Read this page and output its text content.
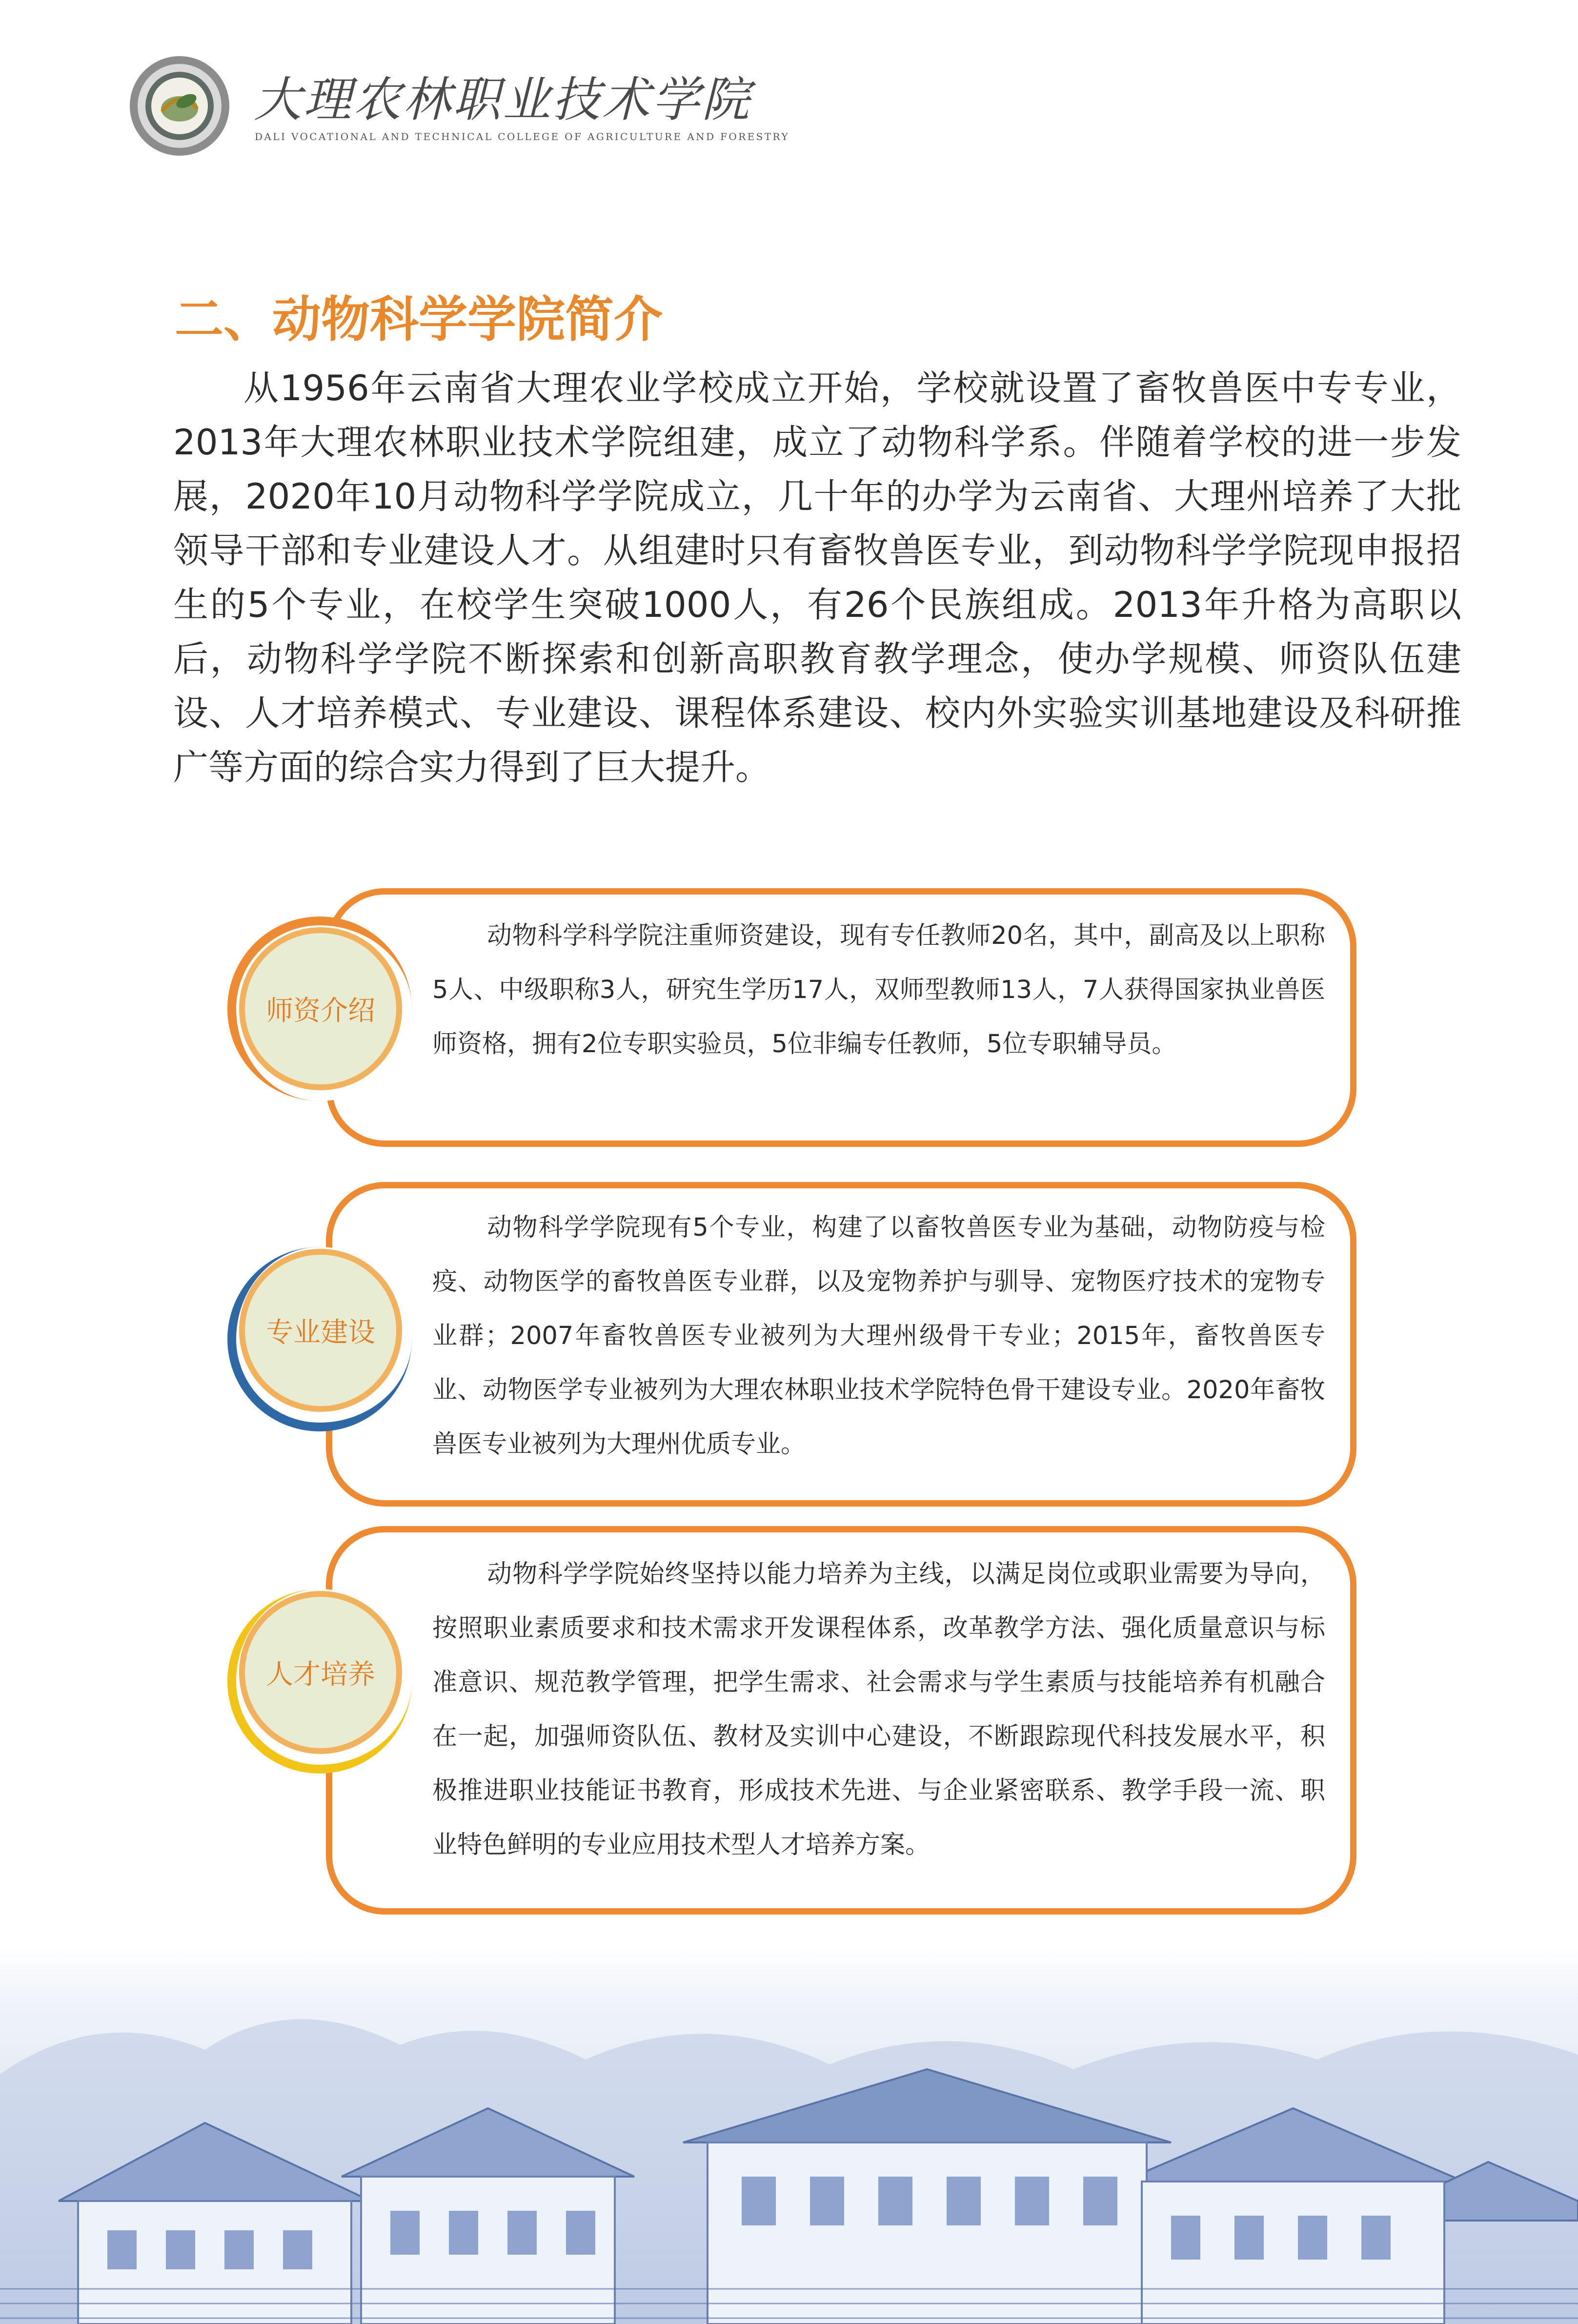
大理农林职业技术学院
DALI VOCATIONAL AND TECHNICAL COLLEGE OF AGRICULTURE AND FORESTRY
二、动物科学学院简介
从1956年云南省大理农业学校成立开始，学校就设置了畜牧兽医中专专业，2013年大理农林职业技术学院组建，成立了动物科学系。伴随着学校的进一步发展，2020年10月动物科学学院成立，几十年的办学为云南省、大理州培养了大批领导干部和专业建设人才。从组建时只有畜牧兽医专业，到动物科学学院现申报招生的5个专业，在校学生突破1000人，有26个民族组成。2013年升格为高职以后，动物科学学院不断探索和创新高职教育教学理念，使办学规模、师资队伍建设、人才培养模式、专业建设、课程体系建设、校内外实验实训基地建设及科研推广等方面的综合实力得到了巨大提升。
师资介绍
动物科学科学院注重师资建设，现有专任教师20名，其中，副高及以上职称5人、中级职称3人，研究生学历17人，双师型教师13人，7人获得国家执业兽医师资格，拥有2位专职实验员，5位非编专任教师，5位专职辅导员。
专业建设
动物科学学院现有5个专业，构建了以畜牧兽医专业为基础，动物防疫与检疫、动物医学的畜牧兽医专业群，以及宠物养护与驯导、宠物医疗技术的宠物专业群；2007年畜牧兽医专业被列为大理州级骨干专业；2015年，畜牧兽医专业、动物医学专业被列为大理农林职业技术学院特色骨干建设专业。2020年畜牧兽医专业被列为大理州优质专业。
人才培养
动物科学学院始终坚持以能力培养为主线，以满足岗位或职业需要为导向，按照职业素质要求和技术需求开发课程体系，改革教学方法、强化质量意识与标准意识、规范教学管理，把学生需求、社会需求与学生素质与技能培养有机融合在一起，加强师资队伍、教材及实训中心建设，不断跟踪现代科技发展水平，积极推进职业技能证书教育，形成技术先进、与企业紧密联系、教学手段一流、职业特色鲜明的专业应用技术型人才培养方案。
